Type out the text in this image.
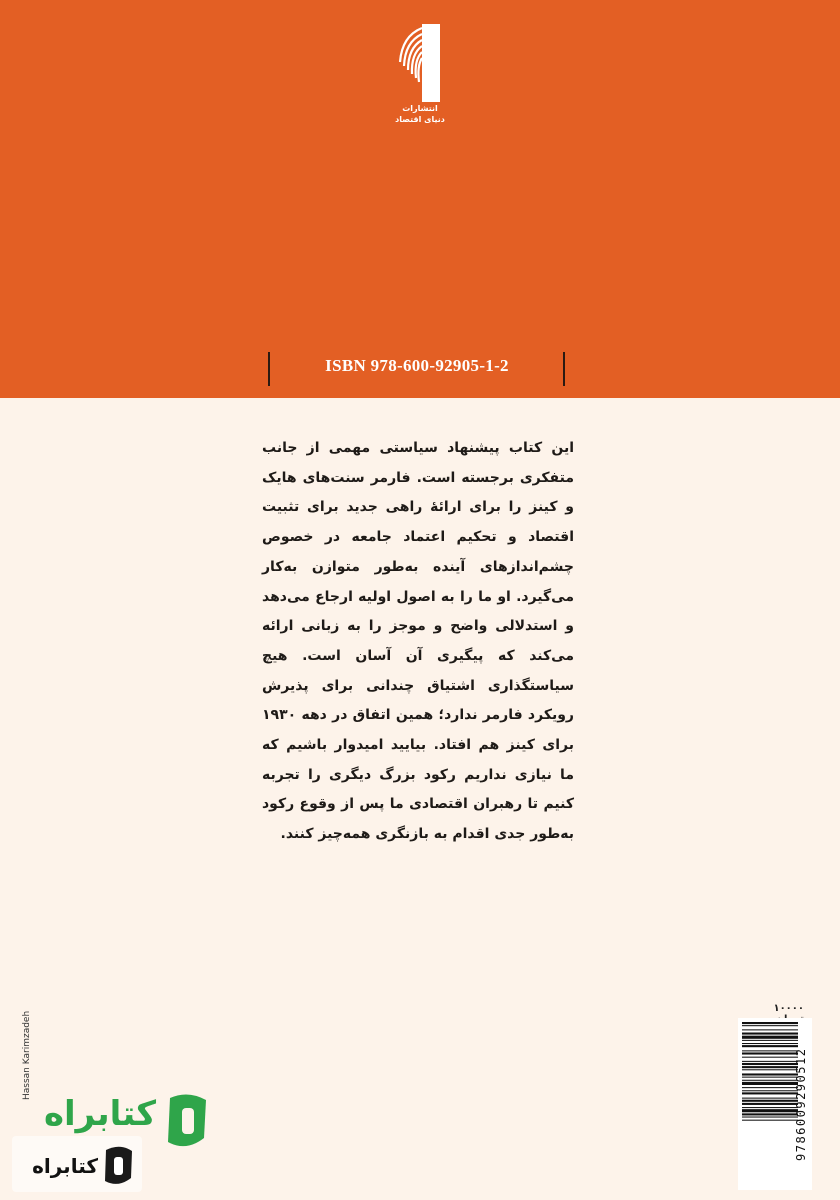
انتشارات
دنیای اقتصاد
ISBN 978-600-92905-1-2
این کتاب پیشنهاد سیاستی مهمی از جانب متفکری برجسته است. فارمر سنت‌های هایک و کینز را برای ارائهٔ راهی جدید برای تثبیت اقتصاد و تحکیم اعتماد جامعه در خصوص چشم‌اندازهای آینده به‌طور متوازن به‌کار می‌گیرد. او ما را به اصول اولیه ارجاع می‌دهد و استدلالی واضح و موجز را به زبانی ارائه می‌کند که پیگیری آن آسان است. هیچ سیاستگذاری اشتیاق چندانی برای پذیرش رویکرد فارمر ندارد؛ همین اتفاق در دهه ۱۹۳۰ برای کینز هم افتاد. بیایید امیدوار باشیم که ما نیازی نداریم رکود بزرگ دیگری را تجربه کنیم تا رهبران اقتصادی ما پس از وقوع رکود به‌طور جدی اقدام به بازنگری همه‌چیز کنند.
۱۰۰۰۰
9786009290512
Hassan Karimzadeh
کتابراه
کتابراه
